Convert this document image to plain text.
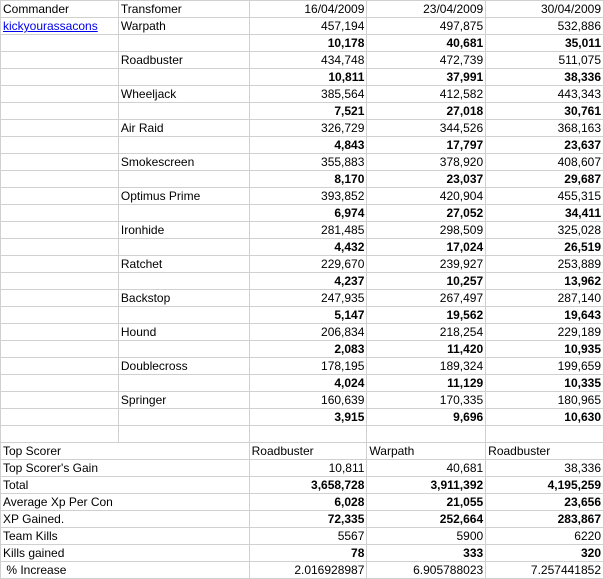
Commander	Transfomer	16/04/2009	23/04/2009	30/04/2009
kickyourassacons	Warpath	457,194	497,875	532,886
		10,178	40,681	35,011
	Roadbuster	434,748	472,739	511,075
		10,811	37,991	38,336
	Wheeljack	385,564	412,582	443,343
		7,521	27,018	30,761
	Air Raid	326,729	344,526	368,163
		4,843	17,797	23,637
	Smokescreen	355,883	378,920	408,607
		8,170	23,037	29,687
	Optimus Prime	393,852	420,904	455,315
		6,974	27,052	34,411
	Ironhide	281,485	298,509	325,028
		4,432	17,024	26,519
	Ratchet	229,670	239,927	253,889
		4,237	10,257	13,962
	Backstop	247,935	267,497	287,140
		5,147	19,562	19,643
	Hound	206,834	218,254	229,189
		2,083	11,420	10,935
	Doublecross	178,195	189,324	199,659
		4,024	11,129	10,335
	Springer	160,639	170,335	180,965
		3,915	9,696	10,630

Top Scorer		Roadbuster	Warpath	Roadbuster
Top Scorer's Gain		10,811	40,681	38,336
Total		3,658,728	3,911,392	4,195,259
Average Xp Per Con		6,028	21,055	23,656
XP Gained.		72,335	252,664	283,867
Team Kills		5567	5900	6220
Kills gained		78	333	320
% Increase		2.016928987	6.905788023	7.257441852
